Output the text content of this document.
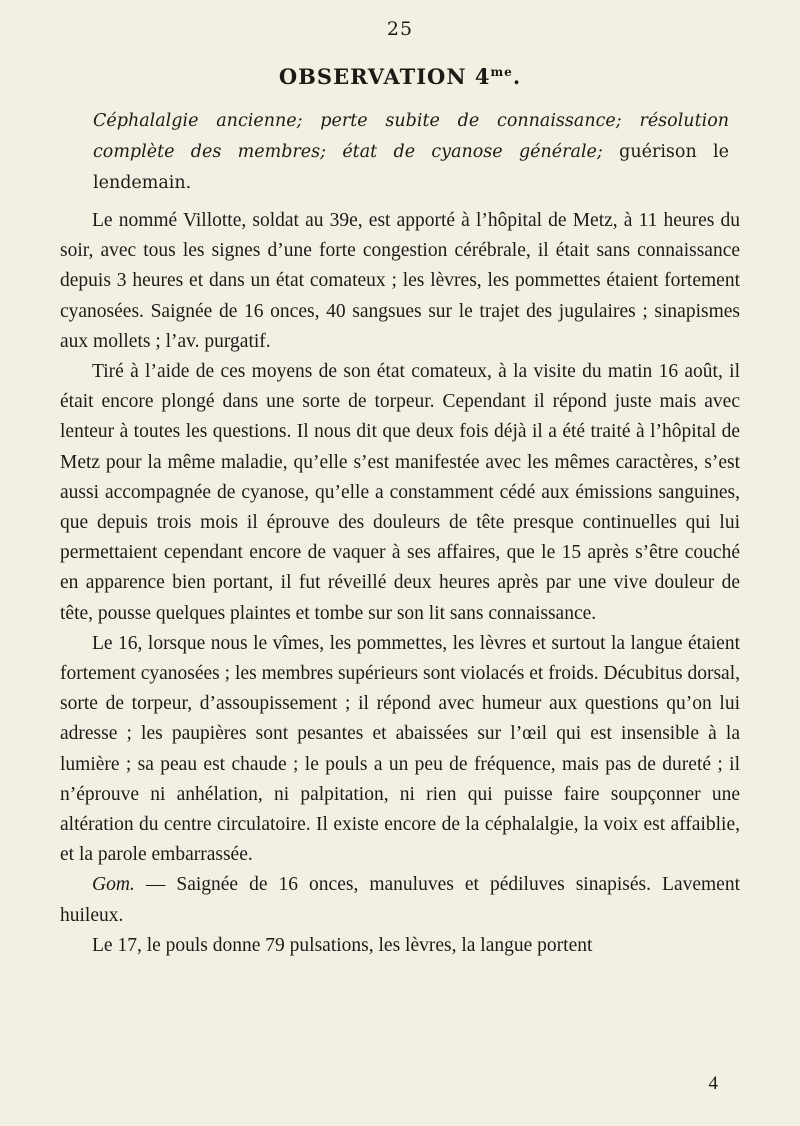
25
OBSERVATION $4^{me}$.
Céphalalgie ancienne; perte subite de connaissance; résolution complète des membres; état de cyanose générale; guérison le lendemain.

Le nommé Villotte, soldat au 39e, est apporté à l’hôpital de Metz, à 11 heures du soir, avec tous les signes d’une forte congestion cérébrale, il était sans connaissance depuis 3 heures et dans un état comateux ; les lèvres, les pommettes étaient fortement cyanosées. Saignée de 16 onces, 40 sangsues sur le trajet des jugulaires ; sinapismes aux mollets ; l’av. purgatif.

Tiré à l’aide de ces moyens de son état comateux, à la visite du matin 16 août, il était encore plongé dans une sorte de torpeur. Cependant il répond juste mais avec lenteur à toutes les questions. Il nous dit que deux fois déjà il a été traité à l’hôpital de Metz pour la même maladie, qu’elle s’est manifestée avec les mêmes caractères, s’est aussi accompagnée de cyanose, qu’elle a constamment cédé aux émissions sanguines, que depuis trois mois il éprouve des douleurs de tête presque continuelles qui lui permettaient cependant encore de vaquer à ses affaires, que le 15 après s’être couché en apparence bien portant, il fut réveillé deux heures après par une vive douleur de tête, pousse quelques plaintes et tombe sur son lit sans connaissance.

Le 16, lorsque nous le vîmes, les pommettes, les lèvres et surtout la langue étaient fortement cyanosées ; les membres supérieurs sont violacés et froids. Décubitus dorsal, sorte de torpeur, d’assoupissement ; il répond avec humeur aux questions qu’on lui adresse ; les paupières sont pesantes et abaissées sur l’œil qui est insensible à la lumière ; sa peau est chaude ; le pouls a un peu de fréquence, mais pas de dureté ; il n’éprouve ni anhélation, ni palpitation, ni rien qui puisse faire soupçonner une altération du centre circulatoire. Il existe encore de la céphalalgie, la voix est affaiblie, et la parole embarrassée.

Gom. — Saignée de 16 onces, manuluves et pédiluves sinapisés. Lavement huileux.

Le 17, le pouls donne 79 pulsations, les lèvres, la langue portent

4
